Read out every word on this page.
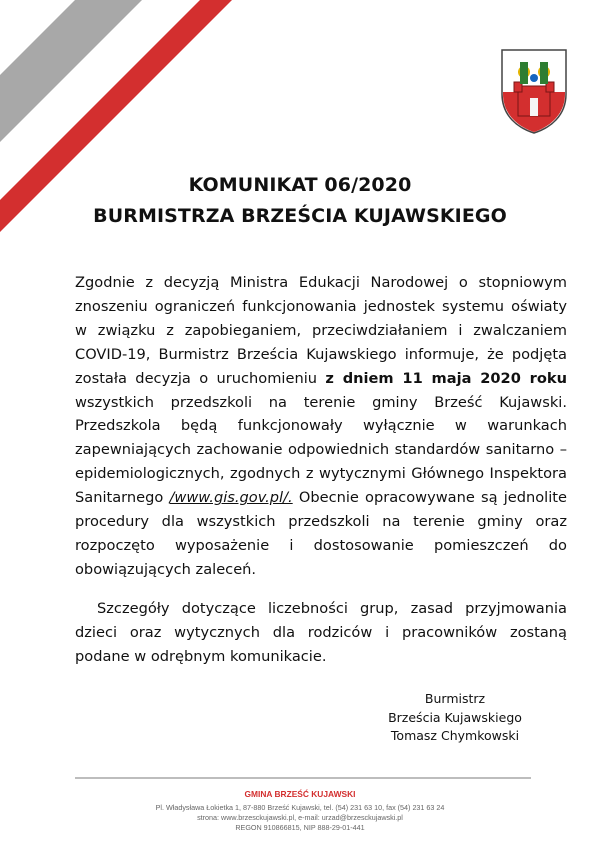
KOMUNIKAT 06/2020
BURMISTRZA BRZEŚCIA KUJAWSKIEGO
Zgodnie z decyzją Ministra Edukacji Narodowej o stopniowym znoszeniu ograniczeń funkcjonowania jednostek systemu oświaty w związku z zapobieganiem, przeciwdziałaniem i zwalczaniem COVID-19, Burmistrz Brześcia Kujawskiego informuje, że podjęta została decyzja o uruchomieniu z dniem 11 maja 2020 roku wszystkich przedszkoli na terenie gminy Brześć Kujawski. Przedszkola będą funkcjonowały wyłącznie w warunkach zapewniających zachowanie odpowiednich standardów sanitarno – epidemiologicznych, zgodnych z wytycznymi Głównego Inspektora Sanitarnego /www.gis.gov.pl/. Obecnie opracowywane są jednolite procedury dla wszystkich przedszkoli na terenie gminy oraz rozpoczęto wyposażenie i dostosowanie pomieszczeń do obowiązujących zaleceń.
Szczegóły dotyczące liczebności grup, zasad przyjmowania dzieci oraz wytycznych dla rodziców i pracowników zostaną podane w odrębnym komunikacie.
Burmistrz
Brześcia Kujawskiego
Tomasz Chymkowski
GMINA BRZEŚĆ KUJAWSKI
Pl. Władysława Łokietka 1, 87-880 Brześć Kujawski, tel. (54) 231 63 10, fax (54) 231 63 24
strona: www.brzesckujawski.pl, e-mail: urzad@brzesckujawski.pl
REGON 910866815, NIP 888-29-01-441
